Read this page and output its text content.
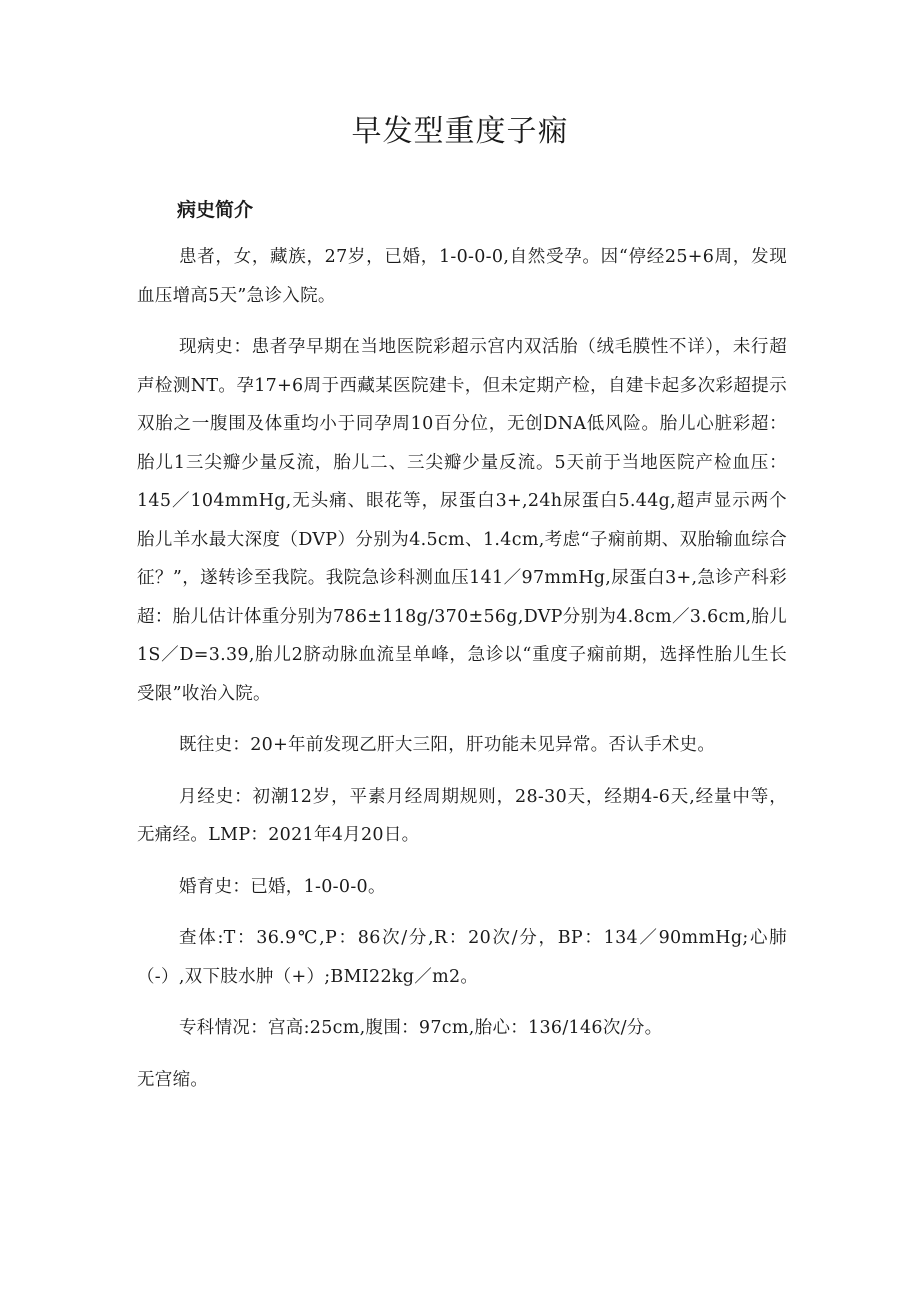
早发型重度子痫
病史简介

患者，女，藏族，27岁，已婚，1-0-0-0,自然受孕。因“停经25+6周，发现血压增高5天”急诊入院。

现病史：患者孕早期在当地医院彩超示宫内双活胎（绒毛膜性不详），未行超声检测NT。孕17+6周于西藏某医院建卡，但未定期产检，自建卡起多次彩超提示双胎之一腹围及体重均小于同孕周10百分位，无创DNA低风险。胎儿心脏彩超：胎儿1三尖瓣少量反流，胎儿二、三尖瓣少量反流。5天前于当地医院产检血压：145／104mmHg,无头痛、眼花等，尿蛋白3+,24h尿蛋白5.44g,超声显示两个胎儿羊水最大深度（DVP）分别为4.5cm、1.4cm,考虑“子痫前期、双胎输血综合征？”，遂转诊至我院。我院急诊科测血压141／97mmHg,尿蛋白3+,急诊产科彩超：胎儿估计体重分别为786±118g/370±56g,DVP分别为4.8cm／3.6cm,胎儿1S／D=3.39,胎儿2脐动脉血流呈单峰，急诊以“重度子痫前期，选择性胎儿生长受限”收治入院。

既往史：20+年前发现乙肝大三阳，肝功能未见异常。否认手术史。

月经史：初潮12岁，平素月经周期规则，28-30天，经期4-6天,经量中等，无痛经。LMP：2021年4月20日。

婚育史：已婚，1-0-0-0。

查体:T：36.9℃,P：86次/分,R：20次/分，BP：134／90mmHg;心肺（-）,双下肢水肿（+）;BMI22kg／m2。

专科情况：宫高:25cm,腹围：97cm,胎心：136/146次/分。

无宫缩。
